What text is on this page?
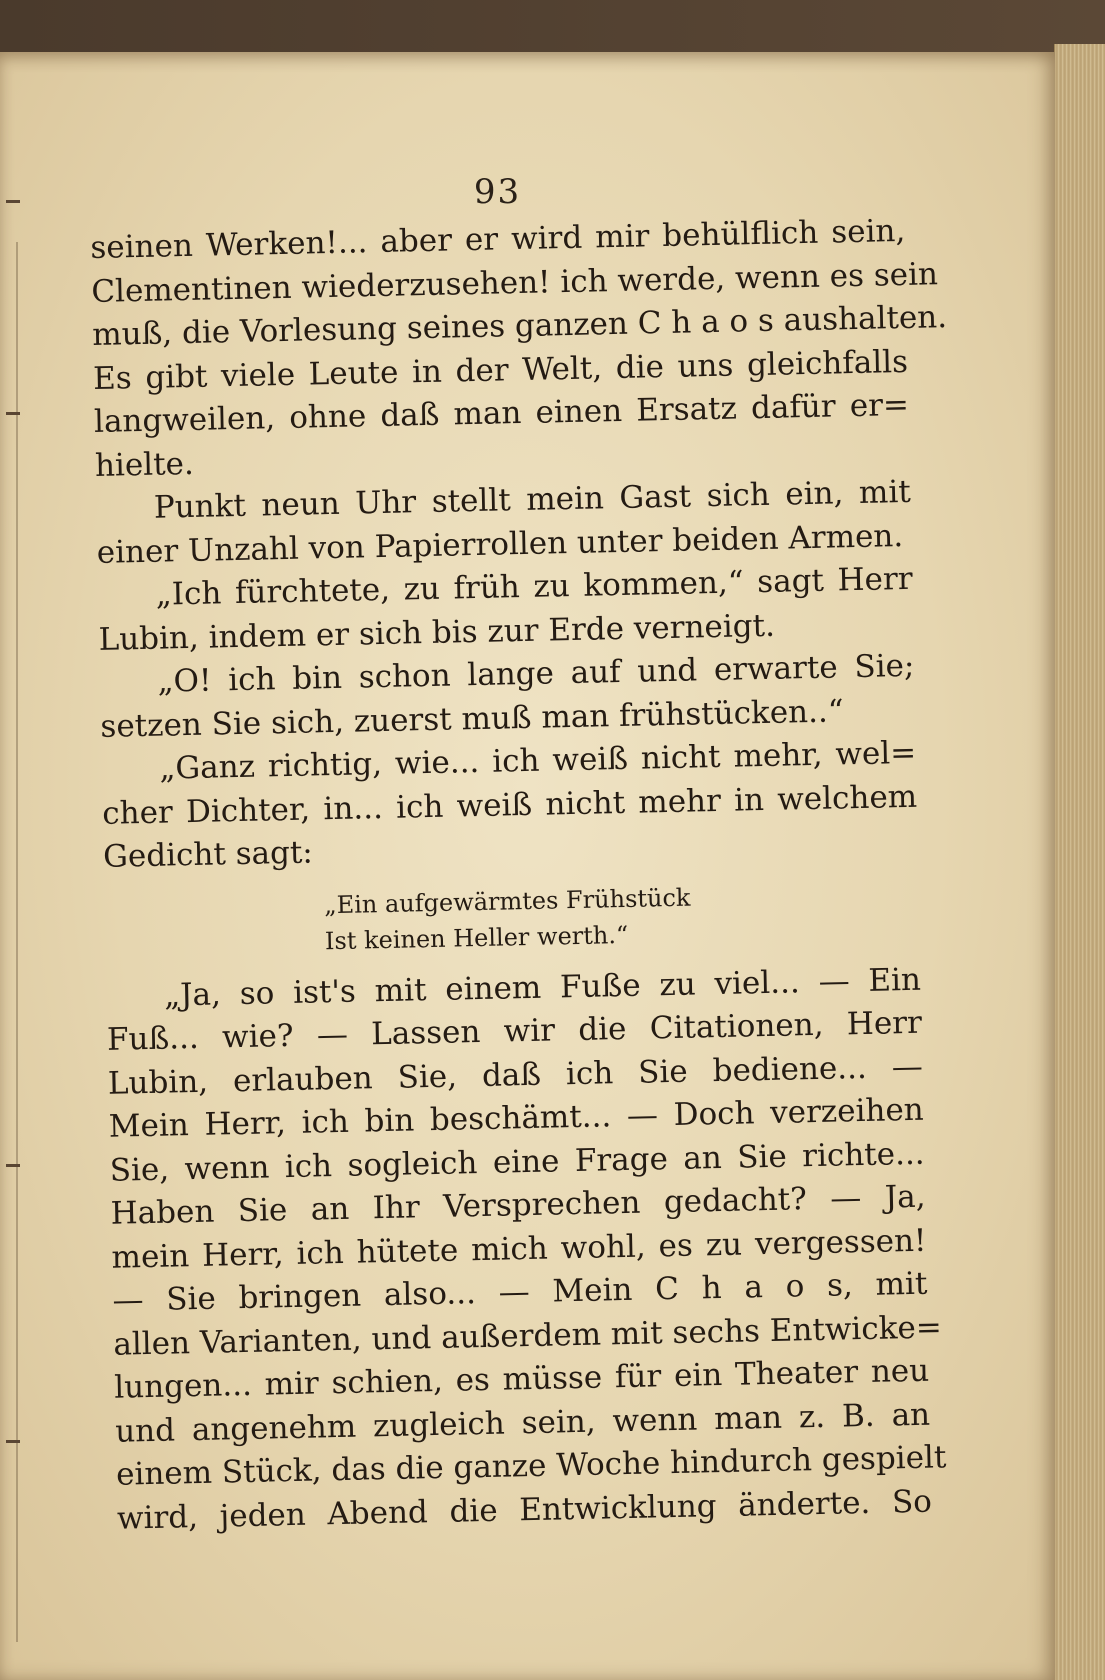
93
seinen Werken!... aber er wird mir behülflich sein,
Clementinen wiederzusehen! ich werde, wenn es sein
muß, die Vorlesung seines ganzen C h a o s aushalten.
Es gibt viele Leute in der Welt, die uns gleichfalls
langweilen, ohne daß man einen Ersatz dafür er=
hielte.
Punkt neun Uhr stellt mein Gast sich ein, mit
einer Unzahl von Papierrollen unter beiden Armen.
„Ich fürchtete, zu früh zu kommen,“ sagt Herr
Lubin, indem er sich bis zur Erde verneigt.
„O! ich bin schon lange auf und erwarte Sie;
setzen Sie sich, zuerst muß man frühstücken..“
„Ganz richtig, wie... ich weiß nicht mehr, wel=
cher Dichter, in... ich weiß nicht mehr in welchem
Gedicht sagt:
„Ein aufgewärmtes Frühstück
Ist keinen Heller werth.“
„Ja, so ist's mit einem Fuße zu viel... — Ein
Fuß... wie? — Lassen wir die Citationen, Herr
Lubin, erlauben Sie, daß ich Sie bediene... —
Mein Herr, ich bin beschämt... — Doch verzeihen
Sie, wenn ich sogleich eine Frage an Sie richte...
Haben Sie an Ihr Versprechen gedacht? — Ja,
mein Herr, ich hütete mich wohl, es zu vergessen!
— Sie bringen also... — Mein C h a o s, mit
allen Varianten, und außerdem mit sechs Entwicke=
lungen... mir schien, es müsse für ein Theater neu
und angenehm zugleich sein, wenn man z. B. an
einem Stück, das die ganze Woche hindurch gespielt
wird, jeden Abend die Entwicklung änderte. So
